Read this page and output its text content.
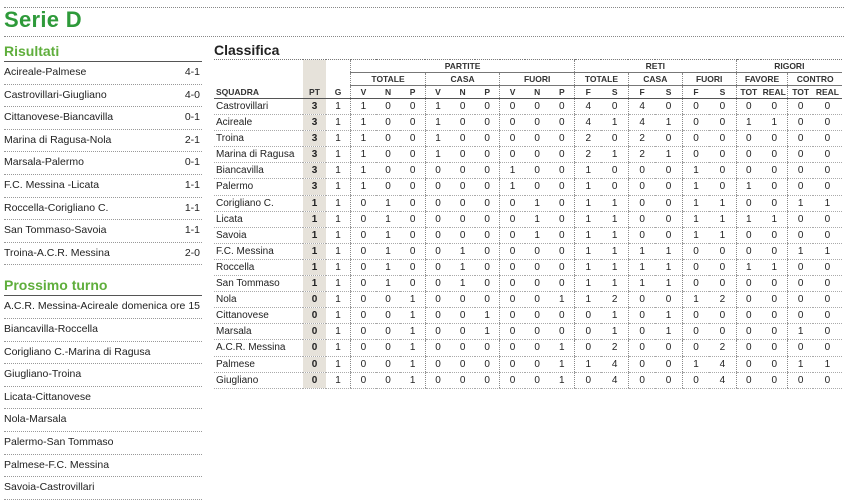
Serie D
Risultati
Acireale-Palmese	4-1
Castrovillari-Giugliano	4-0
Cittanovese-Biancavilla	0-1
Marina di Ragusa-Nola	2-1
Marsala-Palermo	0-1
F.C. Messina -Licata	1-1
Roccella-Corigliano C.	1-1
San Tommaso-Savoia	1-1
Troina-A.C.R. Messina	2-0
Prossimo turno
A.C.R. Messina-Acireale domenica ore 15
Biancavilla-Roccella
Corigliano C.-Marina di Ragusa
Giugliano-Troina
Licata-Cittanovese
Nola-Marsala
Palermo-San Tommaso
Palmese-F.C. Messina
Savoia-Castrovillari
Classifica
			PARTITE									RETI						RIGORI			
			TOTALE			CASA			FUORI			TOTALE		CASA		FUORI		FAVORE		CONTRO	
SQUADRA	PT	G	V	N	P	V	N	P	V	N	P	F	S	F	S	F	S	TOT	REAL	TOT	REAL
Castrovillari	3	1	1	0	0	1	0	0	0	0	0	4	0	4	0	0	0	0	0	0	0
Acireale	3	1	1	0	0	1	0	0	0	0	0	4	1	4	1	0	0	1	1	0	0
Troina	3	1	1	0	0	1	0	0	0	0	0	2	0	2	0	0	0	0	0	0	0
Marina di Ragusa	3	1	1	0	0	1	0	0	0	0	0	2	1	2	1	0	0	0	0	0	0
Biancavilla	3	1	1	0	0	0	0	0	1	0	0	1	0	0	0	1	0	0	0	0	0
Palermo	3	1	1	0	0	0	0	0	1	0	0	1	0	0	0	1	0	1	0	0	0
Corigliano C.	1	1	0	1	0	0	0	0	0	1	0	1	1	0	0	1	1	0	0	1	1
Licata	1	1	0	1	0	0	0	0	0	1	0	1	1	0	0	1	1	1	1	0	0
Savoia	1	1	0	1	0	0	0	0	0	1	0	1	1	0	0	1	1	0	0	0	0
F.C. Messina	1	1	0	1	0	0	1	0	0	0	0	1	1	1	1	0	0	0	0	1	1
Roccella	1	1	0	1	0	0	1	0	0	0	0	1	1	1	1	0	0	1	1	0	0
San Tommaso	1	1	0	1	0	0	1	0	0	0	0	1	1	1	1	0	0	0	0	0	0
Nola	0	1	0	0	1	0	0	0	0	0	1	1	2	0	0	1	2	0	0	0	0
Cittanovese	0	1	0	0	1	0	0	1	0	0	0	0	1	0	1	0	0	0	0	0	0
Marsala	0	1	0	0	1	0	0	1	0	0	0	0	1	0	1	0	0	0	0	1	0
A.C.R. Messina	0	1	0	0	1	0	0	0	0	0	1	0	2	0	0	0	2	0	0	0	0
Palmese	0	1	0	0	1	0	0	0	0	0	1	1	4	0	0	1	4	0	0	1	1
Giugliano	0	1	0	0	1	0	0	0	0	0	1	0	4	0	0	0	4	0	0	0	0
